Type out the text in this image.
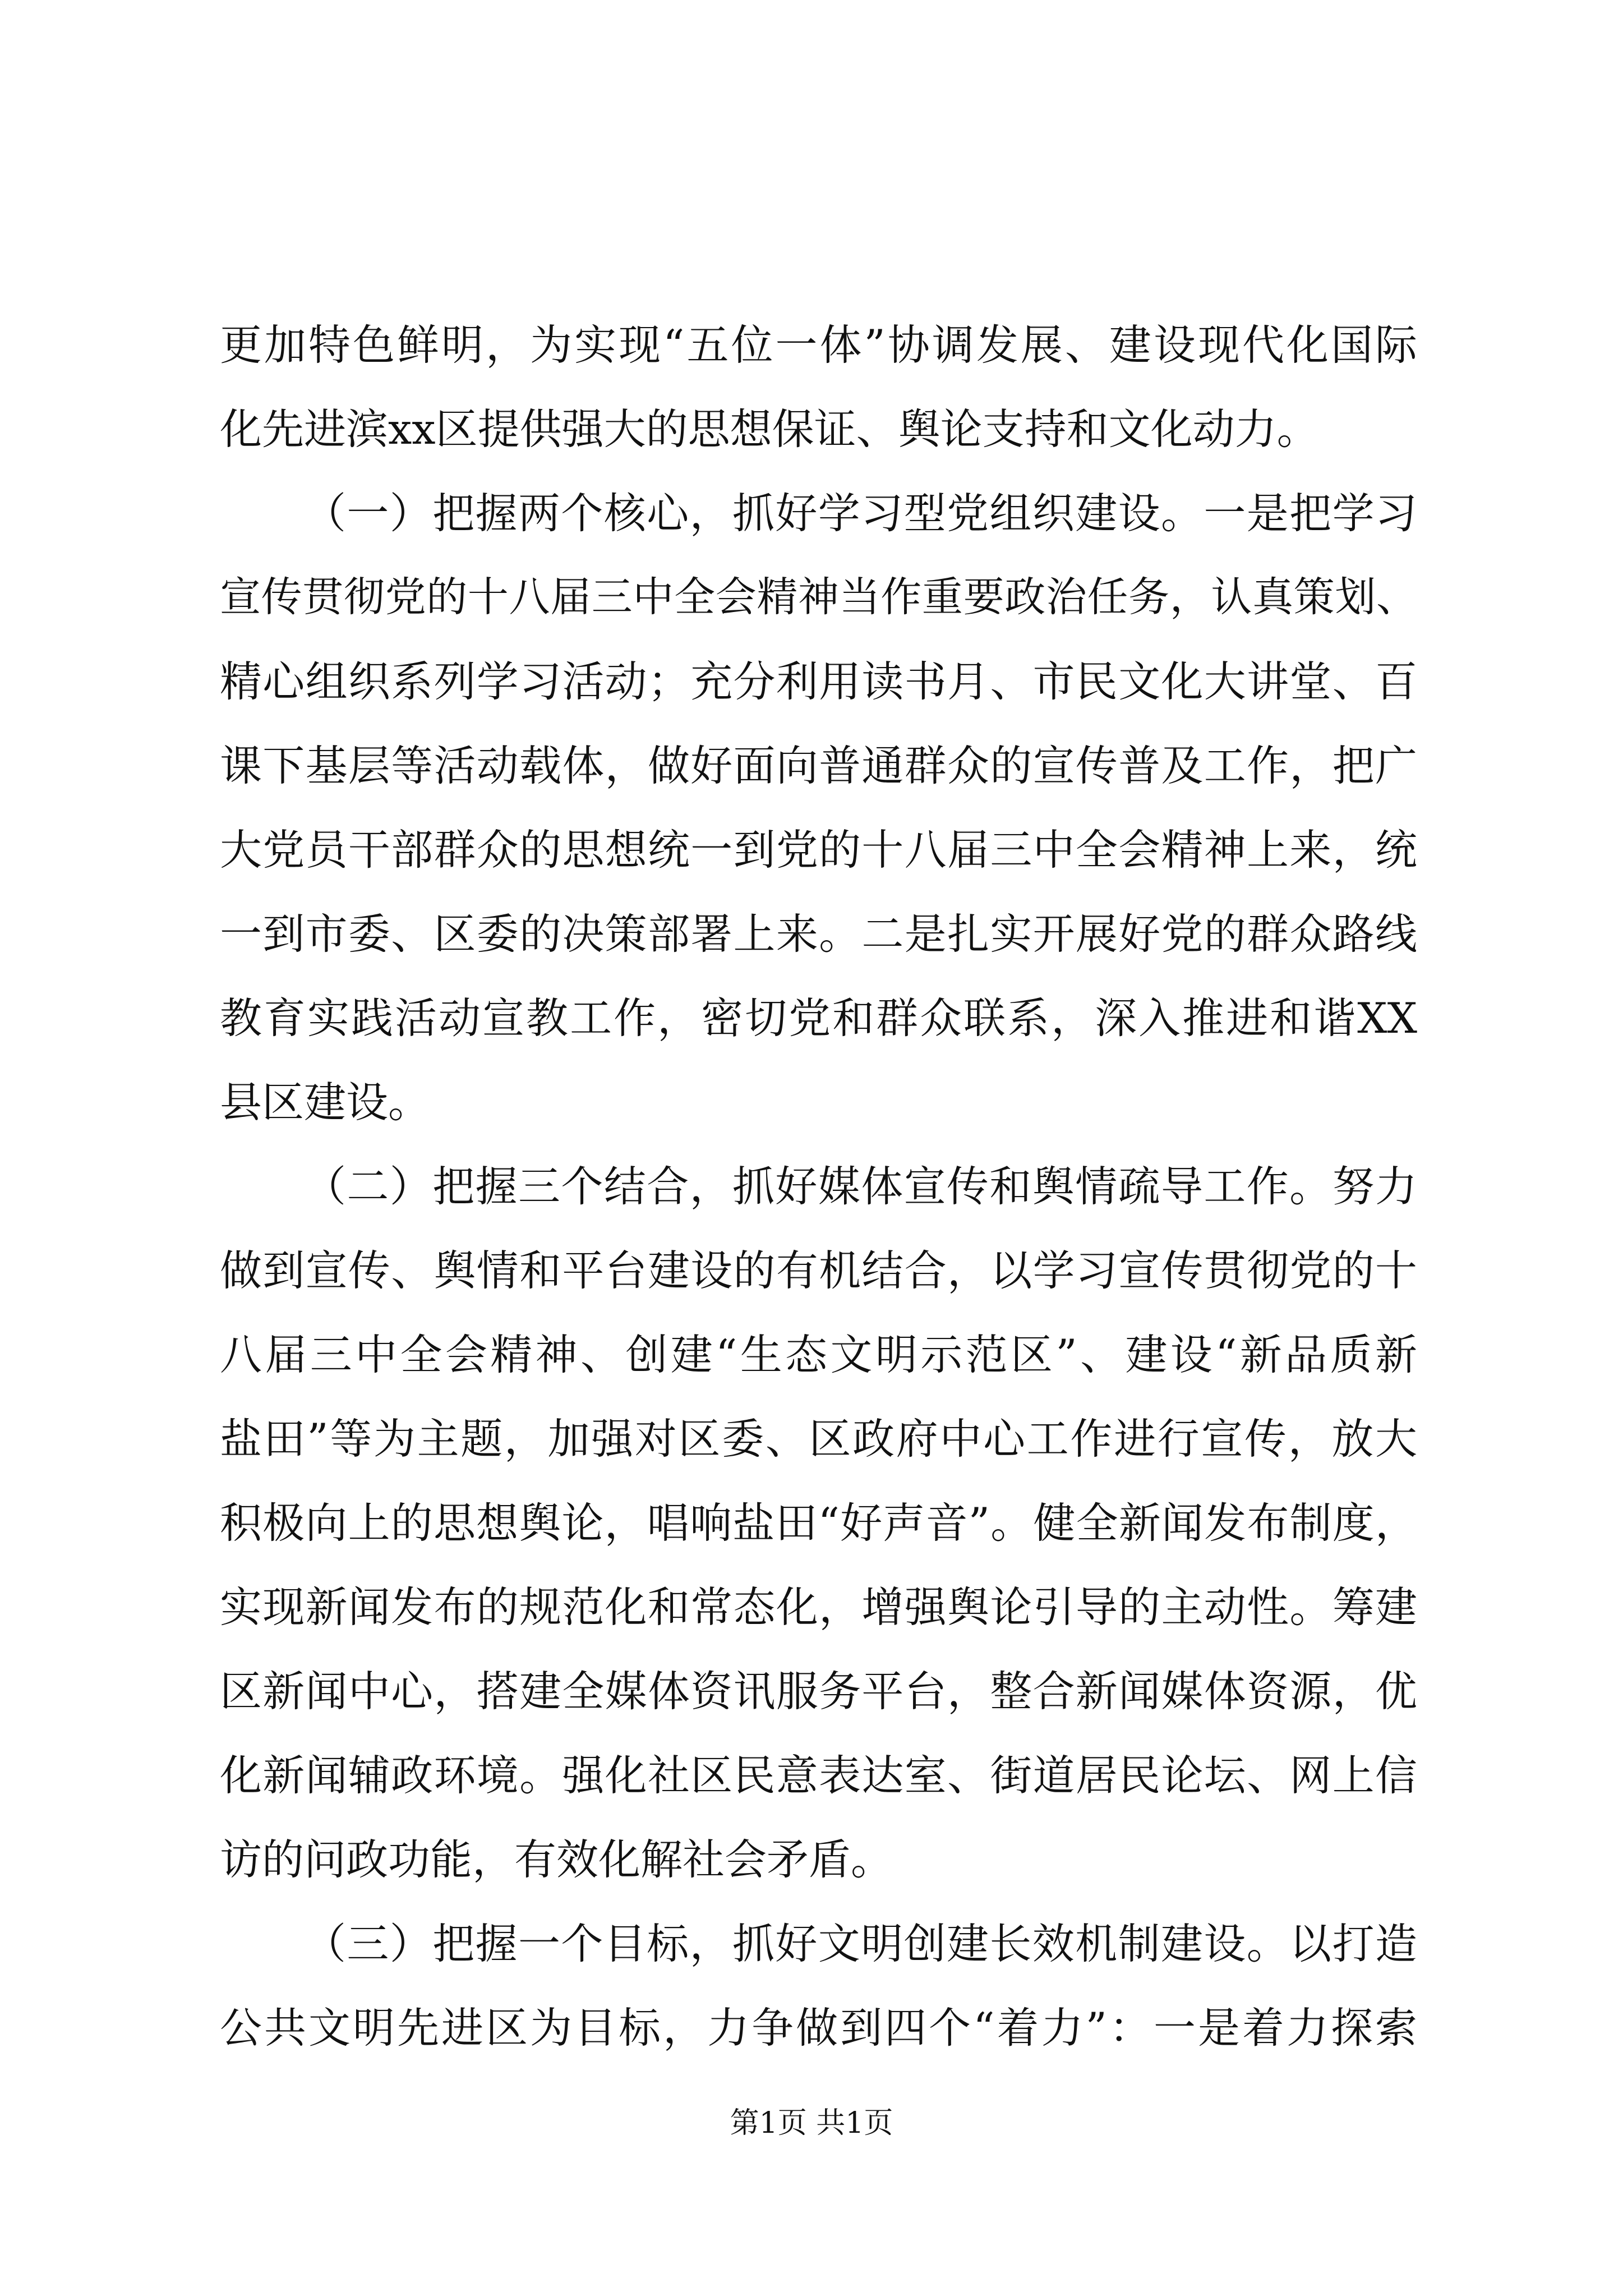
更加特色鲜明，为实现“五位一体”协调发展、建设现代化国际
化先进滨xx区提供强大的思想保证、舆论支持和文化动力。
（一）把握两个核心，抓好学习型党组织建设。一是把学习
宣传贯彻党的十八届三中全会精神当作重要政治任务，认真策划、
精心组织系列学习活动；充分利用读书月、市民文化大讲堂、百
课下基层等活动载体，做好面向普通群众的宣传普及工作，把广
大党员干部群众的思想统一到党的十八届三中全会精神上来，统
一到市委、区委的决策部署上来。二是扎实开展好党的群众路线
教育实践活动宣教工作，密切党和群众联系，深入推进和谐XX
县区建设。
（二）把握三个结合，抓好媒体宣传和舆情疏导工作。努力
做到宣传、舆情和平台建设的有机结合，以学习宣传贯彻党的十
八届三中全会精神、创建“生态文明示范区”、建设“新品质新
盐田”等为主题，加强对区委、区政府中心工作进行宣传，放大
积极向上的思想舆论，唱响盐田“好声音”。健全新闻发布制度，
实现新闻发布的规范化和常态化，增强舆论引导的主动性。筹建
区新闻中心，搭建全媒体资讯服务平台，整合新闻媒体资源，优
化新闻辅政环境。强化社区民意表达室、街道居民论坛、网上信
访的问政功能，有效化解社会矛盾。
（三）把握一个目标，抓好文明创建长效机制建设。以打造
公共文明先进区为目标，力争做到四个“着力”：一是着力探索
第1页 共1页
